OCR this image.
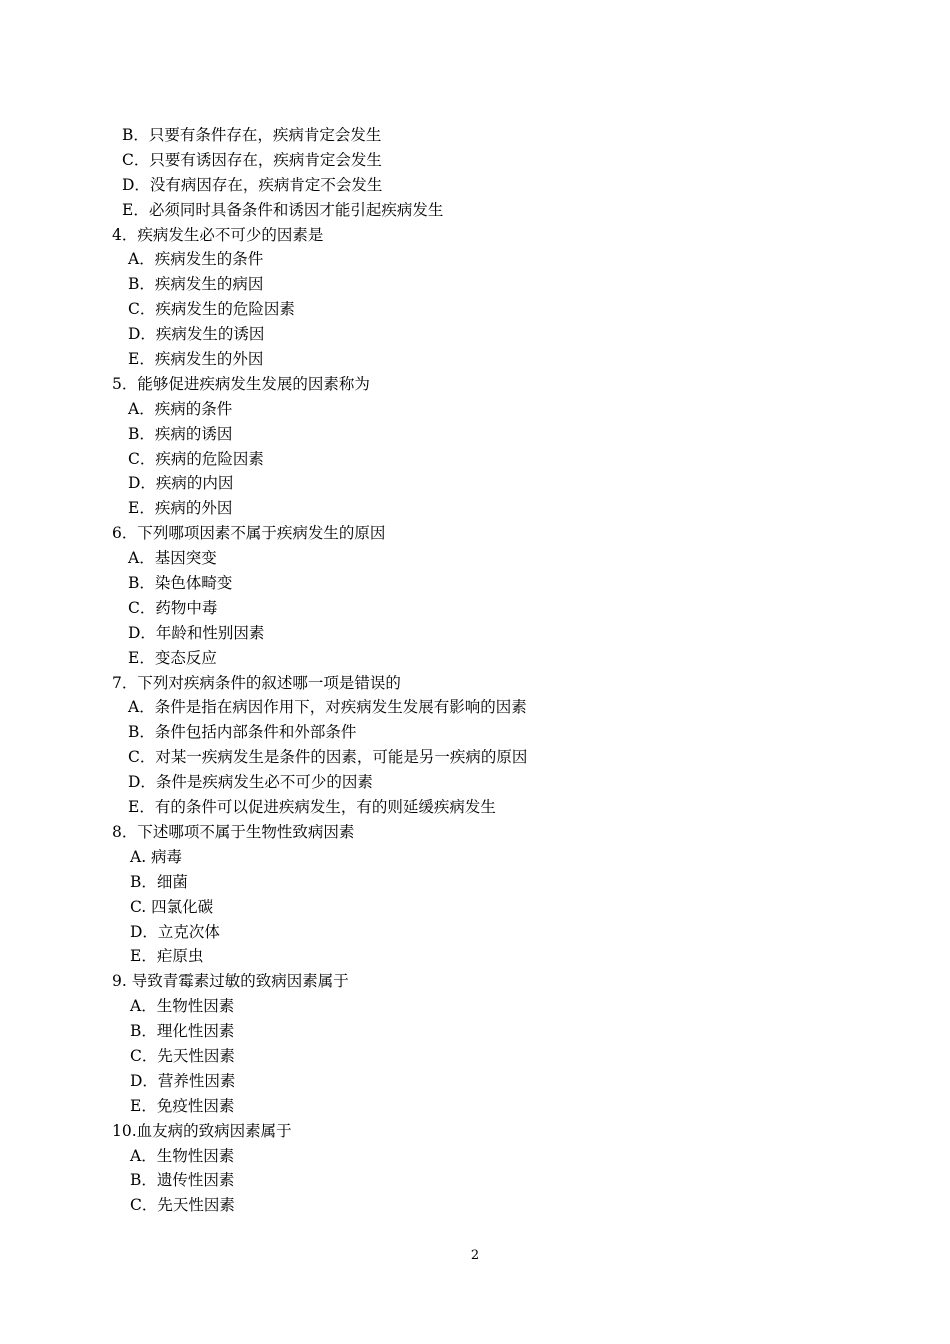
B．只要有条件存在，疾病肯定会发生
C．只要有诱因存在，疾病肯定会发生
D．没有病因存在，疾病肯定不会发生
E．必须同时具备条件和诱因才能引起疾病发生
4．疾病发生必不可少的因素是
A．疾病发生的条件
B．疾病发生的病因
C．疾病发生的危险因素
D．疾病发生的诱因
E．疾病发生的外因
5．能够促进疾病发生发展的因素称为
A．疾病的条件
B．疾病的诱因
C．疾病的危险因素
D．疾病的内因
E．疾病的外因
6．下列哪项因素不属于疾病发生的原因
A．基因突变
B．染色体畸变
C．药物中毒
D．年龄和性别因素
E．变态反应
7．下列对疾病条件的叙述哪一项是错误的
A．条件是指在病因作用下，对疾病发生发展有影响的因素
B．条件包括内部条件和外部条件
C．对某一疾病发生是条件的因素，可能是另一疾病的原因
D．条件是疾病发生必不可少的因素
E．有的条件可以促进疾病发生，有的则延缓疾病发生
8．下述哪项不属于生物性致病因素
A. 病毒
B．细菌
C. 四氯化碳
D．立克次体
E．疟原虫
9. 导致青霉素过敏的致病因素属于
A．生物性因素
B．理化性因素
C．先天性因素
D．营养性因素
E．免疫性因素
10.血友病的致病因素属于
A．生物性因素
B．遗传性因素
C．先天性因素
2
